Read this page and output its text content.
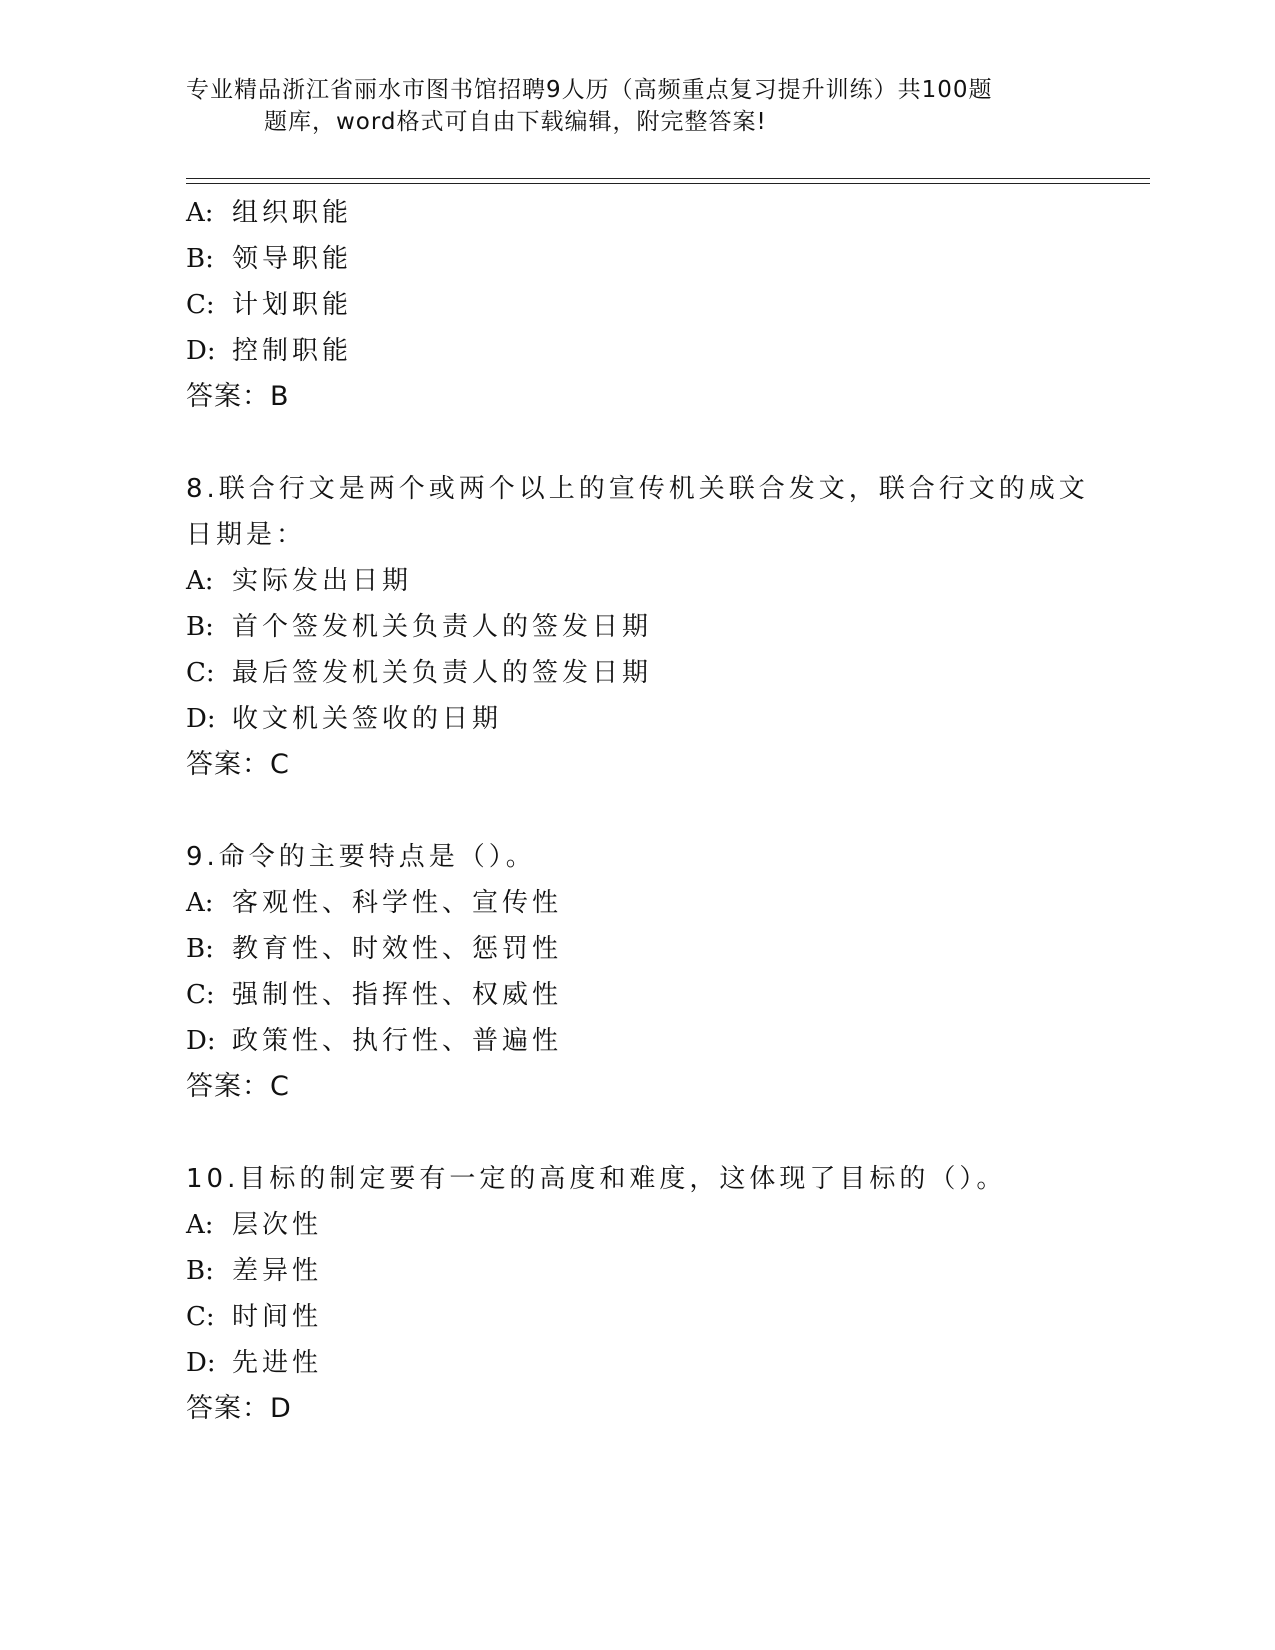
专业精品浙江省丽水市图书馆招聘9人历（高频重点复习提升训练）共100题
题库，word格式可自由下载编辑，附完整答案!
A: 组织职能
B: 领导职能
C: 计划职能
D: 控制职能
答案：B
8.联合行文是两个或两个以上的宣传机关联合发文，联合行文的成文
日期是：
A: 实际发出日期
B: 首个签发机关负责人的签发日期
C: 最后签发机关负责人的签发日期
D: 收文机关签收的日期
答案：C
9.命令的主要特点是（）。
A: 客观性、科学性、宣传性
B: 教育性、时效性、惩罚性
C: 强制性、指挥性、权威性
D: 政策性、执行性、普遍性
答案：C
10.目标的制定要有一定的高度和难度，这体现了目标的（）。
A: 层次性
B: 差异性
C: 时间性
D: 先进性
答案：D
